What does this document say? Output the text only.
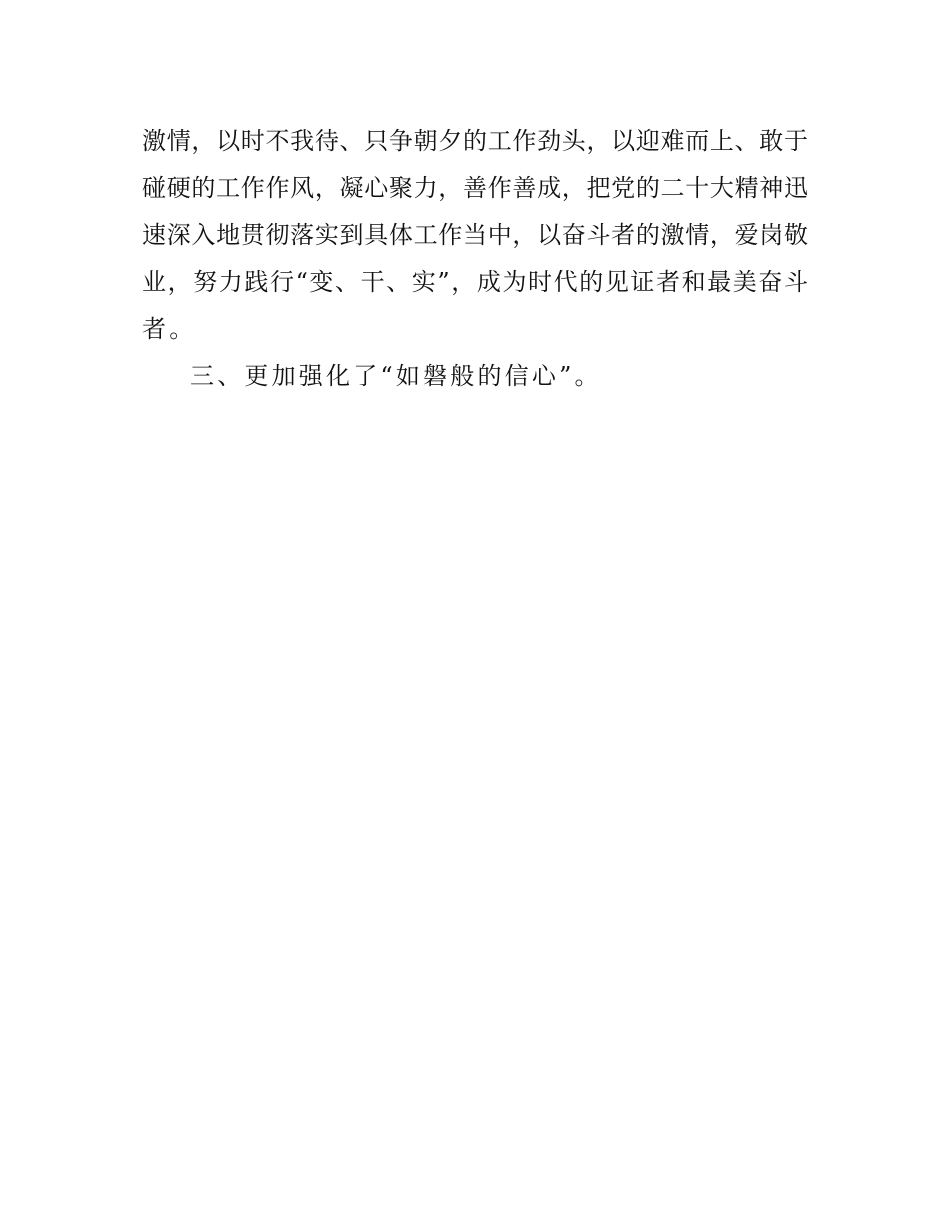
激情，以时不我待、只争朝夕的工作劲头，以迎难而上、敢于
碰硬的工作作风，凝心聚力，善作善成，把党的二十大精神迅
速深入地贯彻落实到具体工作当中，以奋斗者的激情，爱岗敬
业，努力践行“变、干、实”，成为时代的见证者和最美奋斗
者。
三、更加强化了“如磐般的信心”。
